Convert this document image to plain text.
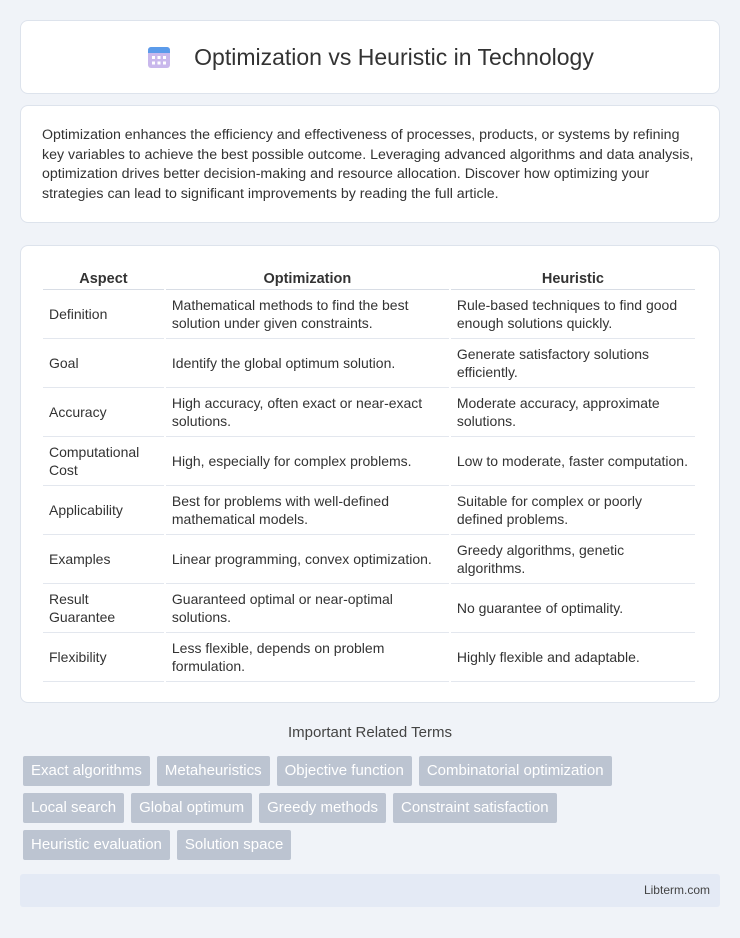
Optimization vs Heuristic in Technology

Optimization enhances the efficiency and effectiveness of processes, products, or systems by refining key variables to achieve the best possible outcome. Leveraging advanced algorithms and data analysis, optimization drives better decision-making and resource allocation. Discover how optimizing your strategies can lead to significant improvements by reading the full article.

Aspect	Optimization	Heuristic
Definition	Mathematical methods to find the best solution under given constraints.	Rule-based techniques to find good enough solutions quickly.
Goal	Identify the global optimum solution.	Generate satisfactory solutions efficiently.
Accuracy	High accuracy, often exact or near-exact solutions.	Moderate accuracy, approximate solutions.
Computational Cost	High, especially for complex problems.	Low to moderate, faster computation.
Applicability	Best for problems with well-defined mathematical models.	Suitable for complex or poorly defined problems.
Examples	Linear programming, convex optimization.	Greedy algorithms, genetic algorithms.
Result Guarantee	Guaranteed optimal or near-optimal solutions.	No guarantee of optimality.
Flexibility	Less flexible, depends on problem formulation.	Highly flexible and adaptable.
Important Related Terms
Exact algorithms	Metaheuristics	Objective function	Combinatorial optimization
Local search	Global optimum	Greedy methods	Constraint satisfaction
Heuristic evaluation	Solution space
Libterm.com
